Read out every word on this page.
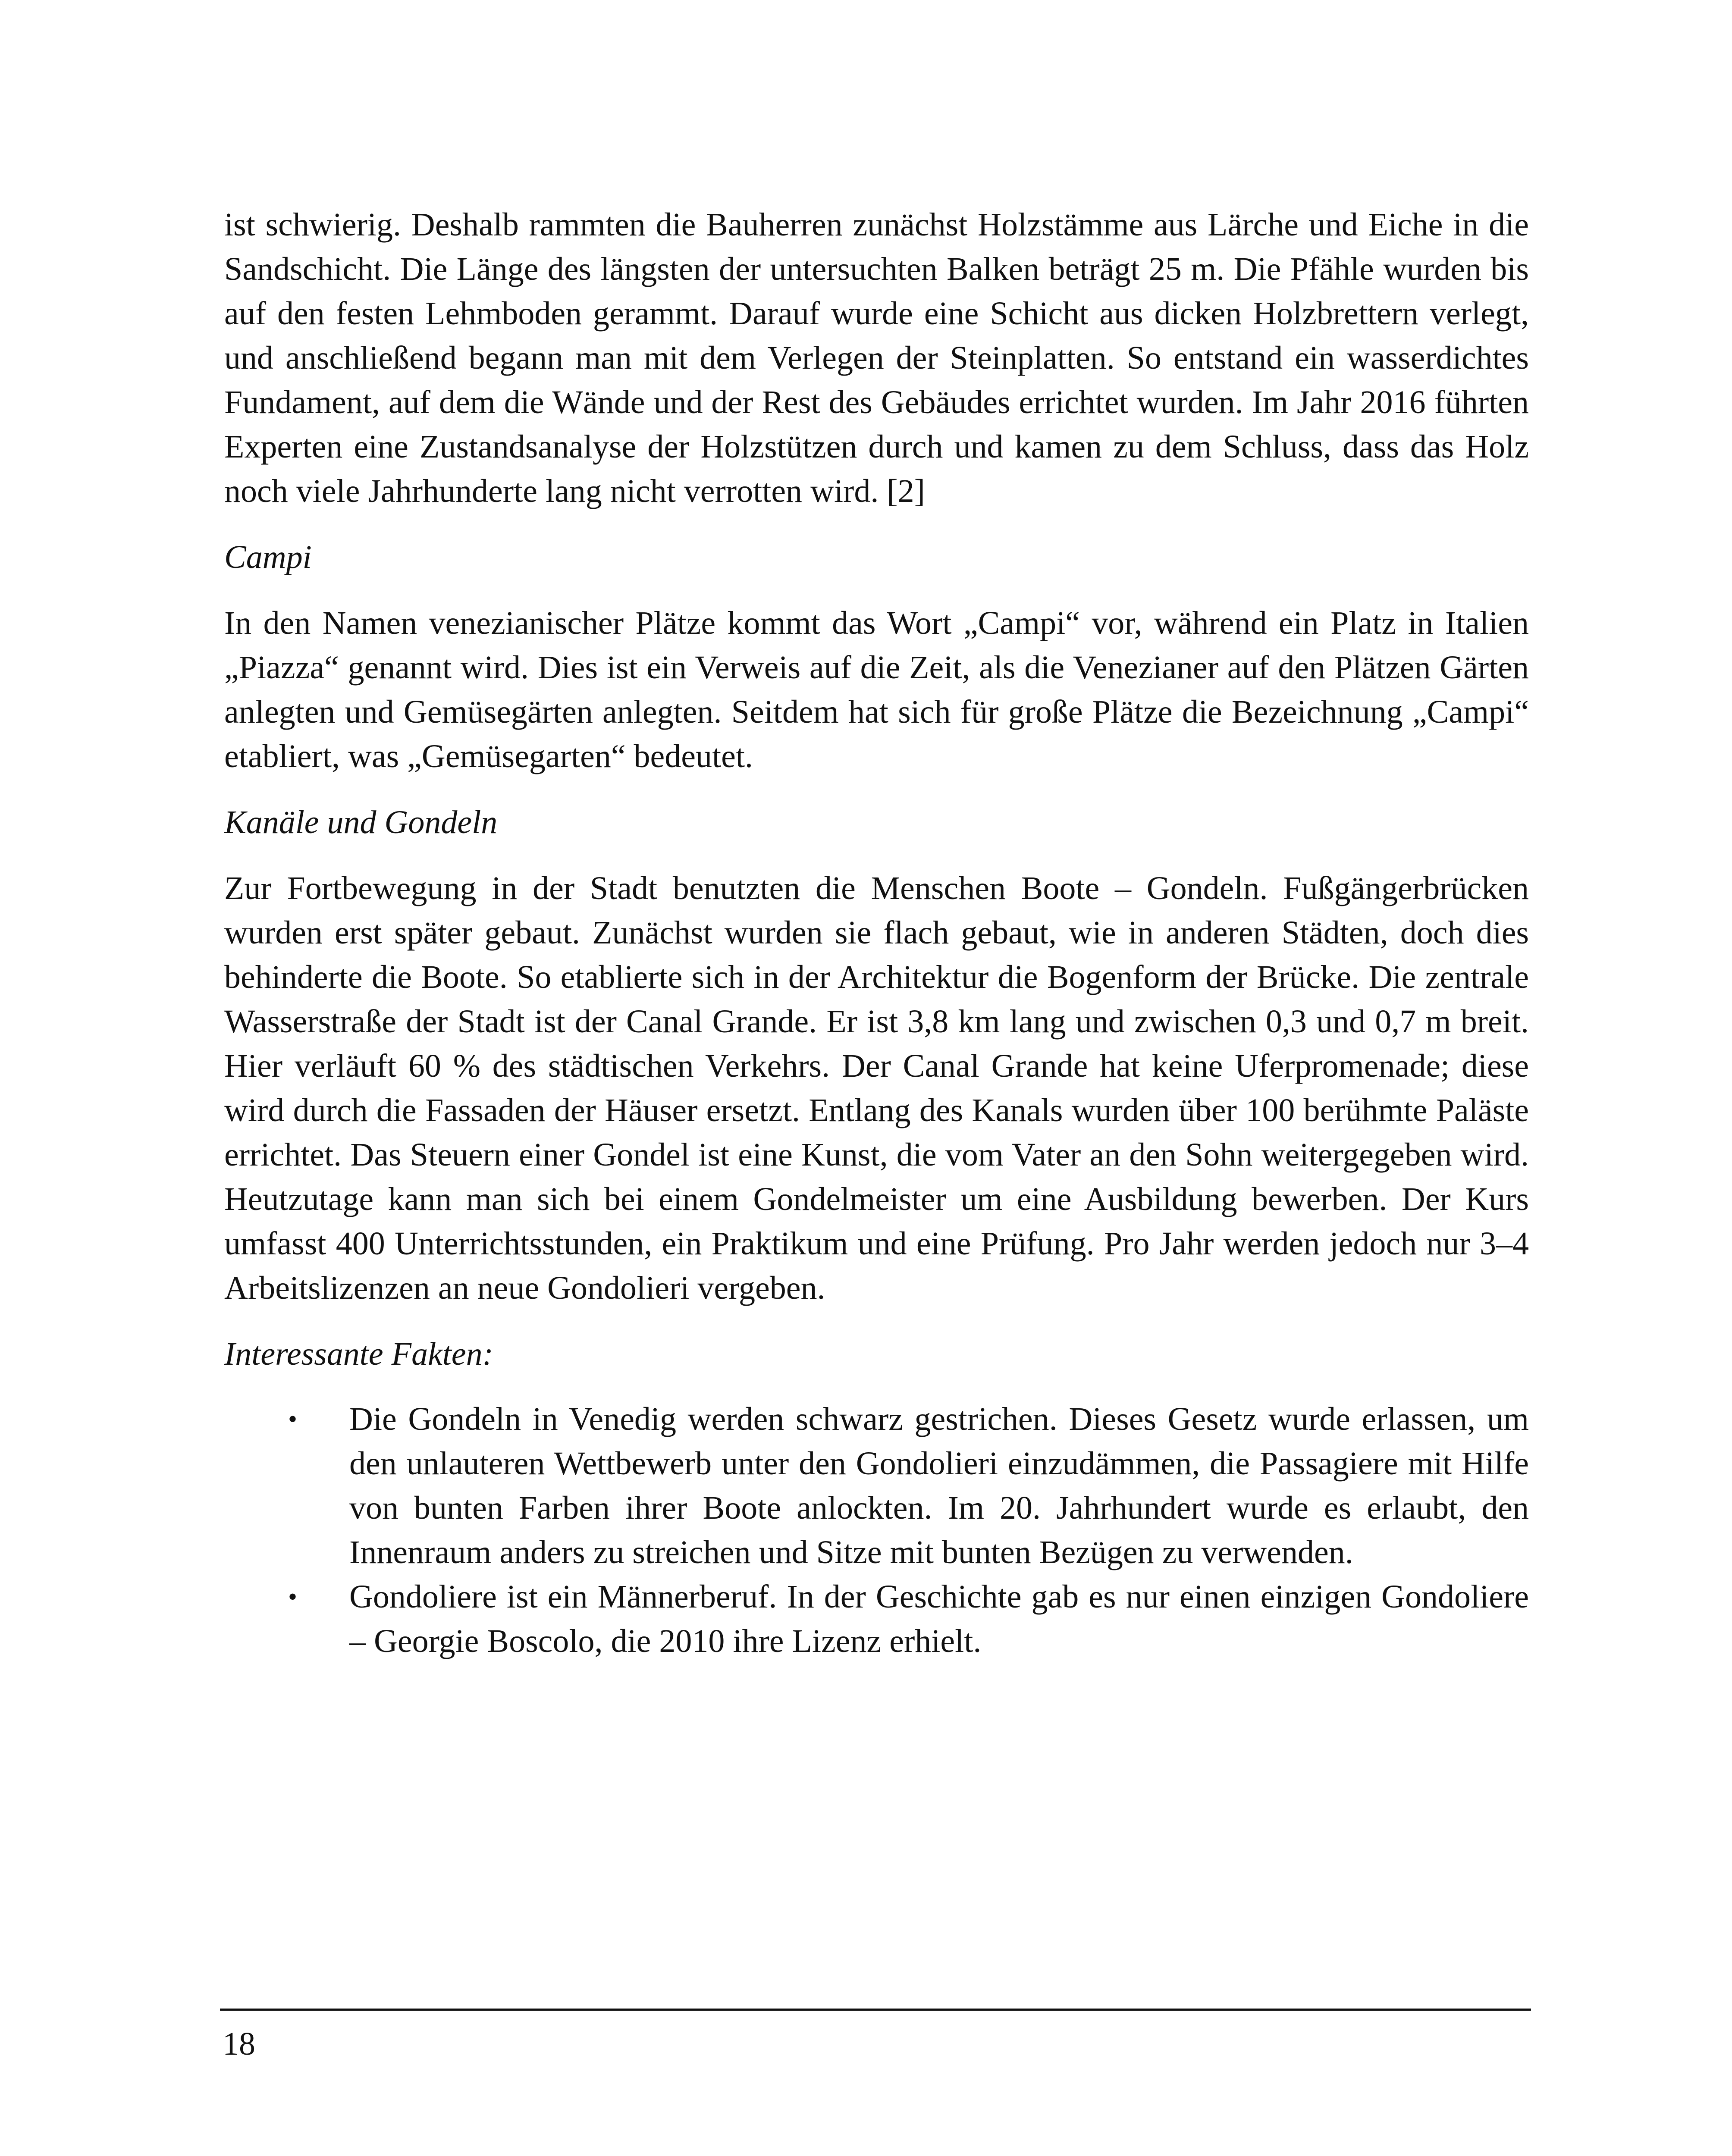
ist schwierig. Deshalb rammten die Bauherren zunächst Holzstämme aus Lärche und Eiche in die Sandschicht. Die Länge des längsten der untersuchten Balken beträgt 25 m. Die Pfähle wurden bis auf den festen Lehmboden gerammt. Darauf wurde eine Schicht aus dicken Holzbrettern verlegt, und anschließend begann man mit dem Verlegen der Steinplatten. So entstand ein wasserdichtes Fundament, auf dem die Wände und der Rest des Gebäudes errichtet wurden. Im Jahr 2016 führten Experten eine Zustandsanalyse der Holzstützen durch und kamen zu dem Schluss, dass das Holz noch viele Jahrhunderte lang nicht verrotten wird. [2]

Campi

In den Namen venezianischer Plätze kommt das Wort „Campi“ vor, während ein Platz in Italien „Piazza“ genannt wird. Dies ist ein Verweis auf die Zeit, als die Venezianer auf den Plätzen Gärten anlegten und Gemüsegärten anlegten. Seitdem hat sich für große Plätze die Bezeichnung „Campi“ etabliert, was „Gemüsegarten“ bedeutet.

Kanäle und Gondeln

Zur Fortbewegung in der Stadt benutzten die Menschen Boote – Gondeln. Fußgängerbrücken wurden erst später gebaut. Zunächst wurden sie flach gebaut, wie in anderen Städten, doch dies behinderte die Boote. So etablierte sich in der Architektur die Bogenform der Brücke. Die zentrale Wasserstraße der Stadt ist der Canal Grande. Er ist 3,8 km lang und zwischen 0,3 und 0,7 m breit. Hier verläuft 60 % des städtischen Verkehrs. Der Canal Grande hat keine Uferpromenade; diese wird durch die Fassaden der Häuser ersetzt. Entlang des Kanals wurden über 100 berühmte Paläste errichtet. Das Steuern einer Gondel ist eine Kunst, die vom Vater an den Sohn weitergegeben wird. Heutzutage kann man sich bei einem Gondelmeister um eine Ausbildung bewerben. Der Kurs umfasst 400 Unterrichtsstunden, ein Praktikum und eine Prüfung. Pro Jahr werden jedoch nur 3–4 Arbeitslizenzen an neue Gondolieri vergeben.

Interessante Fakten:

• Die Gondeln in Venedig werden schwarz gestrichen. Dieses Gesetz wurde erlassen, um den unlauteren Wettbewerb unter den Gondolieri einzudämmen, die Passagiere mit Hilfe von bunten Farben ihrer Boote anlockten. Im 20. Jahrhundert wurde es erlaubt, den Innenraum anders zu streichen und Sitze mit bunten Bezügen zu verwenden.
• Gondoliere ist ein Männerberuf. In der Geschichte gab es nur einen einzigen Gondoliere – Georgie Boscolo, die 2010 ihre Lizenz erhielt.
18
